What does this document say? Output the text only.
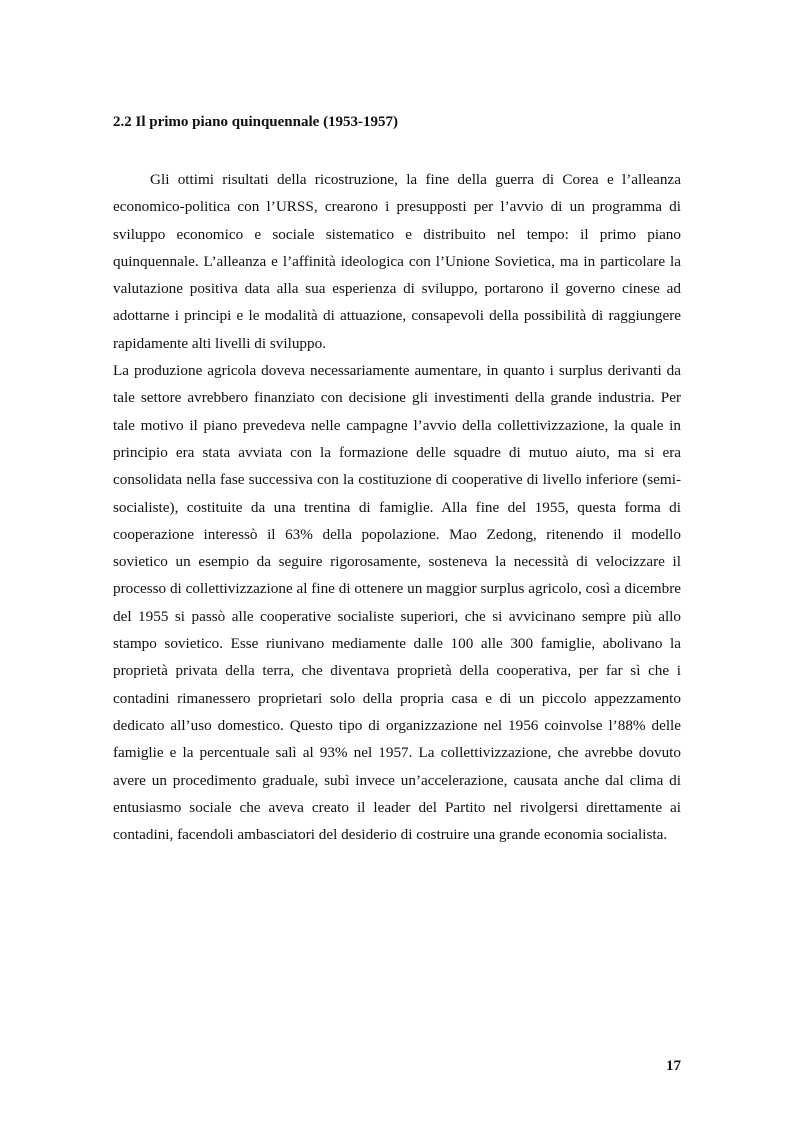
2.2 Il primo piano quinquennale (1953-1957)

Gli ottimi risultati della ricostruzione, la fine della guerra di Corea e l’alleanza economico-politica con l’URSS, crearono i presupposti per l’avvio di un programma di sviluppo economico e sociale sistematico e distribuito nel tempo: il primo piano quinquennale. L’alleanza e l’affinità ideologica con l’Unione Sovietica, ma in particolare la valutazione positiva data alla sua esperienza di sviluppo, portarono il governo cinese ad adottarne i principi e le modalità di attuazione, consapevoli della possibilità di raggiungere rapidamente alti livelli di sviluppo.

La produzione agricola doveva necessariamente aumentare, in quanto i surplus derivanti da tale settore avrebbero finanziato con decisione gli investimenti della grande industria. Per tale motivo il piano prevedeva nelle campagne l’avvio della collettivizzazione, la quale in principio era stata avviata con la formazione delle squadre di mutuo aiuto, ma si era consolidata nella fase successiva con la costituzione di cooperative di livello inferiore (semi-socialiste), costituite da una trentina di famiglie. Alla fine del 1955, questa forma di cooperazione interessò il 63% della popolazione. Mao Zedong, ritenendo il modello sovietico un esempio da seguire rigorosamente, sosteneva la necessità di velocizzare il processo di collettivizzazione al fine di ottenere un maggior surplus agricolo, così a dicembre del 1955 si passò alle cooperative socialiste superiori, che si avvicinano sempre più allo stampo sovietico. Esse riunivano mediamente dalle 100 alle 300 famiglie, abolivano la proprietà privata della terra, che diventava proprietà della cooperativa, per far sì che i contadini rimanessero proprietari solo della propria casa e di un piccolo appezzamento dedicato all’uso domestico. Questo tipo di organizzazione nel 1956 coinvolse l’88% delle famiglie e la percentuale salì al 93% nel 1957. La collettivizzazione, che avrebbe dovuto avere un procedimento graduale, subì invece un’accelerazione, causata anche dal clima di entusiasmo sociale che aveva creato il leader del Partito nel rivolgersi direttamente ai contadini, facendoli ambasciatori del desiderio di costruire una grande economia socialista.

17
